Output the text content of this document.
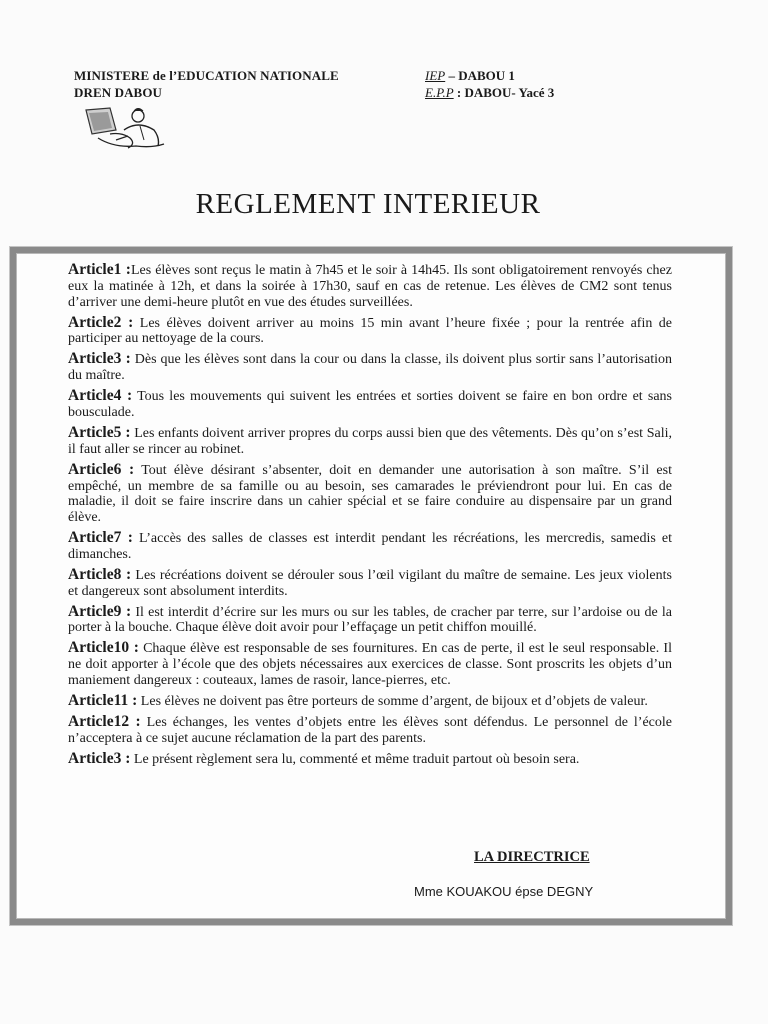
MINISTERE de l’EDUCATION NATIONALE
DREN DABOU
IEP – DABOU 1
E.P.P : DABOU- Yacé 3
REGLEMENT INTERIEUR

Article1 :Les élèves sont reçus le matin à 7h45 et le soir à 14h45. Ils sont obligatoirement renvoyés chez eux la matinée à 12h, et dans la soirée à 17h30, sauf en cas de retenue. Les élèves de CM2 sont tenus d’arriver une demi-heure plutôt en vue des études surveillées.

Article2 : Les élèves doivent arriver au moins 15 min avant l’heure fixée ; pour la rentrée afin de participer au nettoyage de la cours.

Article3 : Dès que les élèves sont dans la cour ou dans la classe, ils doivent plus sortir sans l’autorisation du maître.

Article4 : Tous les mouvements qui suivent les entrées et sorties doivent se faire en bon ordre et sans bousculade.

Article5 : Les enfants doivent arriver propres du corps aussi bien que des vêtements. Dès qu’on s’est Sali, il faut aller se rincer au robinet.

Article6 : Tout élève désirant s’absenter, doit en demander une autorisation à son maître. S’il est empêché, un membre de sa famille ou au besoin, ses camarades le préviendront pour lui. En cas de maladie, il doit se faire inscrire dans un cahier spécial et se faire conduire au dispensaire par un grand élève.

Article7 : L’accès des salles de classes est interdit pendant les récréations, les mercredis, samedis et dimanches.

Article8 : Les récréations doivent se dérouler sous l’œil vigilant du maître de semaine. Les jeux violents et dangereux sont absolument interdits.

Article9 : Il est interdit d’écrire sur les murs ou sur les tables, de cracher par terre, sur l’ardoise ou de la porter à la bouche. Chaque élève doit avoir pour l’effaçage un petit chiffon mouillé.

Article10 : Chaque élève est responsable de ses fournitures. En cas de perte, il est le seul responsable. Il ne doit apporter à l’école que des objets nécessaires aux exercices de classe. Sont proscrits les objets d’un maniement dangereux : couteaux, lames de rasoir, lance-pierres, etc.

Article11 : Les élèves ne doivent pas être porteurs de somme d’argent, de bijoux et d’objets de valeur.

Article12 : Les échanges, les ventes d’objets entre les élèves sont défendus. Le personnel de l’école n’acceptera à ce sujet aucune réclamation de la part des parents.

Article3 : Le présent règlement sera lu, commenté et même traduit partout où besoin sera.

LA DIRECTRICE
Mme KOUAKOU épse DEGNY
